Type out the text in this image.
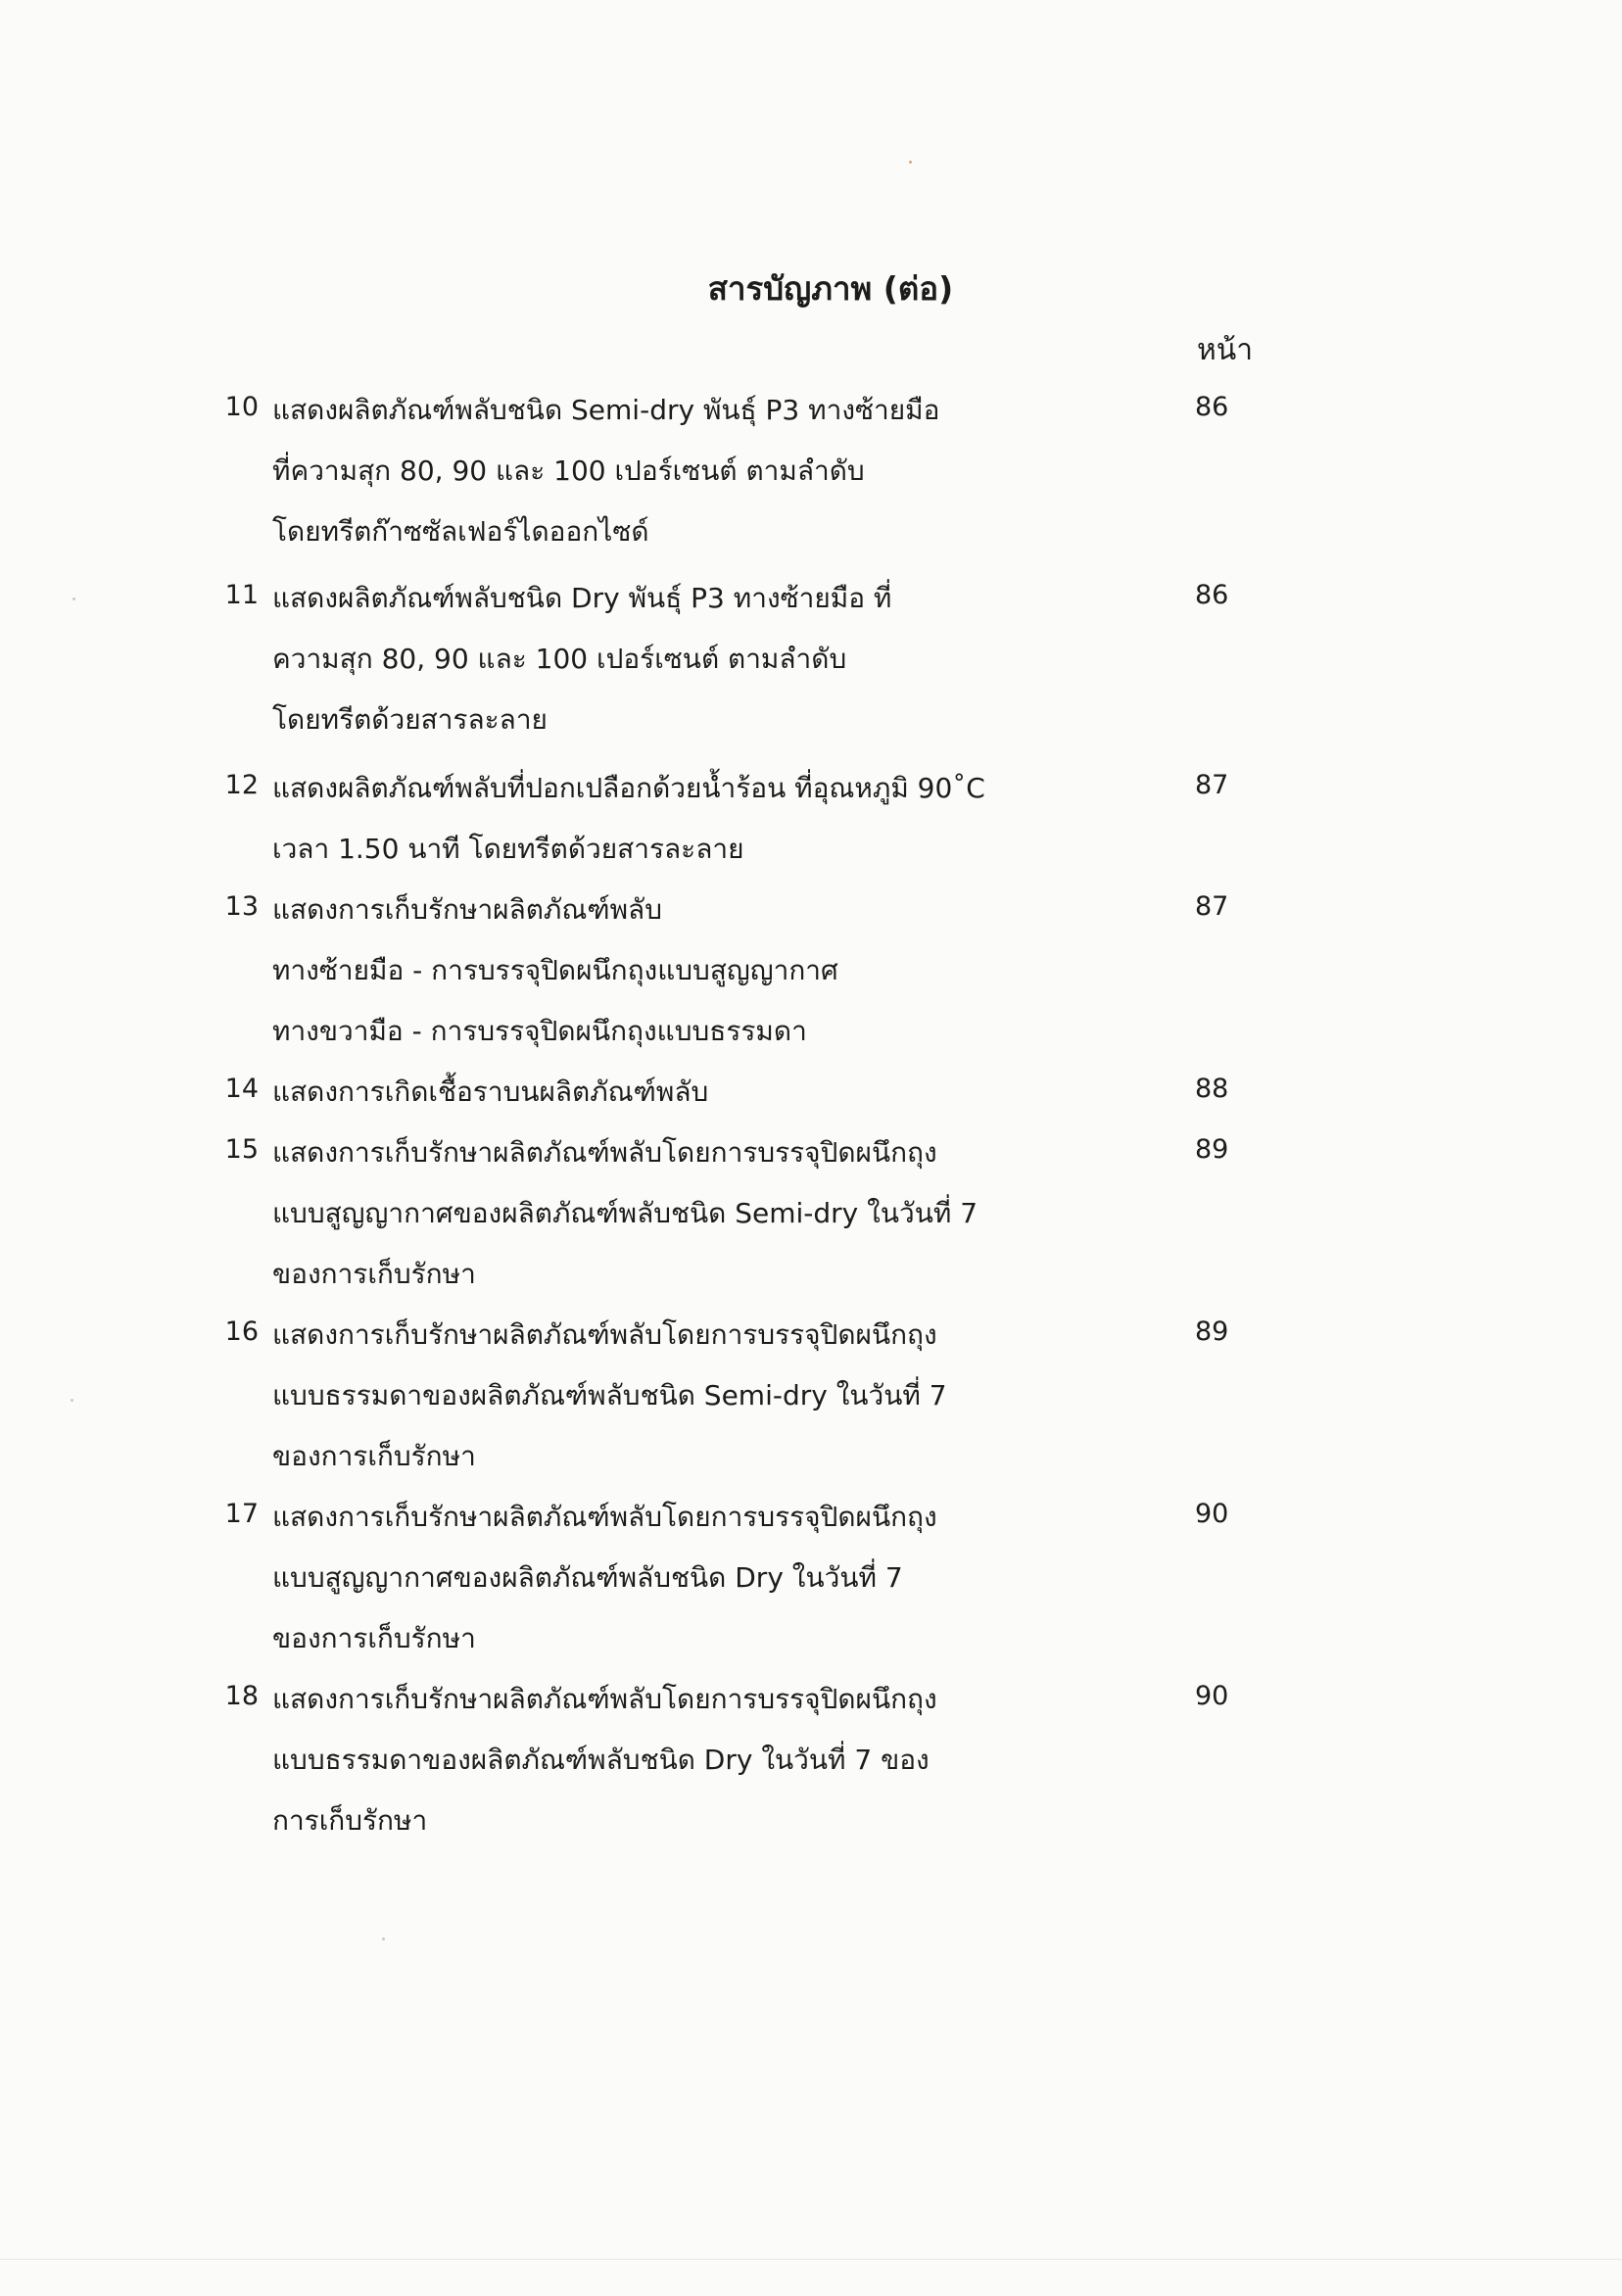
สารบัญภาพ (ต่อ)
หน้า
10 แสดงผลิตภัณฑ์พลับชนิด Semi-dry พันธุ์ P3 ทางซ้ายมือ
ที่ความสุก 80, 90 และ 100 เปอร์เซนต์ ตามลำดับ
โดยทรีตก๊าซซัลเฟอร์ไดออกไซด์
86
11 แสดงผลิตภัณฑ์พลับชนิด Dry พันธุ์ P3 ทางซ้ายมือ ที่
ความสุก 80, 90 และ 100 เปอร์เซนต์ ตามลำดับ
โดยทรีตด้วยสารละลาย
86
12 แสดงผลิตภัณฑ์พลับที่ปอกเปลือกด้วยน้ำร้อน ที่อุณหภูมิ 90˚C
เวลา 1.50 นาที โดยทรีตด้วยสารละลาย
87
13 แสดงการเก็บรักษาผลิตภัณฑ์พลับ
ทางซ้ายมือ - การบรรจุปิดผนึกถุงแบบสูญญากาศ
ทางขวามือ - การบรรจุปิดผนึกถุงแบบธรรมดา
87
14 แสดงการเกิดเชื้อราบนผลิตภัณฑ์พลับ	88
15 แสดงการเก็บรักษาผลิตภัณฑ์พลับโดยการบรรจุปิดผนึกถุง
แบบสูญญากาศของผลิตภัณฑ์พลับชนิด Semi-dry ในวันที่ 7
ของการเก็บรักษา
89
16 แสดงการเก็บรักษาผลิตภัณฑ์พลับโดยการบรรจุปิดผนึกถุง
แบบธรรมดาของผลิตภัณฑ์พลับชนิด Semi-dry ในวันที่ 7
ของการเก็บรักษา
89
17 แสดงการเก็บรักษาผลิตภัณฑ์พลับโดยการบรรจุปิดผนึกถุง
แบบสูญญากาศของผลิตภัณฑ์พลับชนิด Dry ในวันที่ 7
ของการเก็บรักษา
90
18 แสดงการเก็บรักษาผลิตภัณฑ์พลับโดยการบรรจุปิดผนึกถุง
แบบธรรมดาของผลิตภัณฑ์พลับชนิด Dry ในวันที่ 7 ของ
การเก็บรักษา
90
